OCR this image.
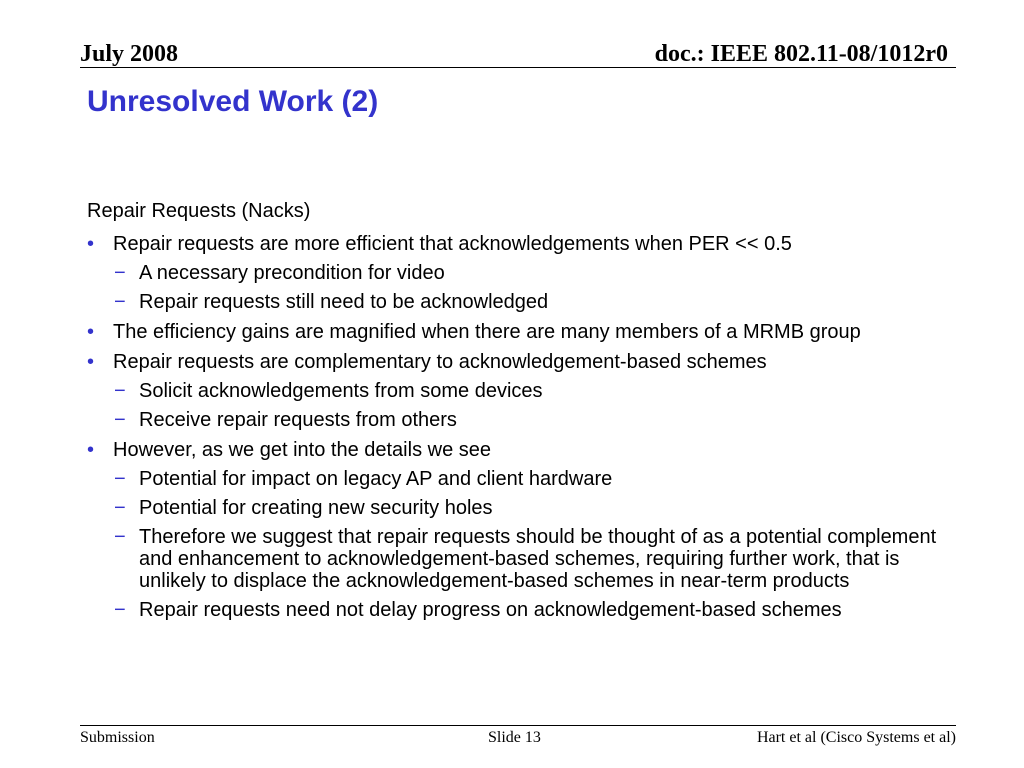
July 2008	doc.: IEEE 802.11-08/1012r0
Unresolved Work (2)
Repair Requests (Nacks)
• Repair requests are more efficient that acknowledgements when PER << 0.5
− A necessary precondition for video
− Repair requests still need to be acknowledged
• The efficiency gains are magnified when there are many members of a MRMB group
• Repair requests are complementary to acknowledgement-based schemes
− Solicit acknowledgements from some devices
− Receive repair requests from others
• However, as we get into the details we see
− Potential for impact on legacy AP and client hardware
− Potential for creating new security holes
− Therefore we suggest that repair requests should be thought of as a potential complement and enhancement to acknowledgement-based schemes, requiring further work, that is unlikely to displace the acknowledgement-based schemes in near-term products
− Repair requests need not delay progress on acknowledgement-based schemes
Submission	Slide 13	Hart et al (Cisco Systems et al)
